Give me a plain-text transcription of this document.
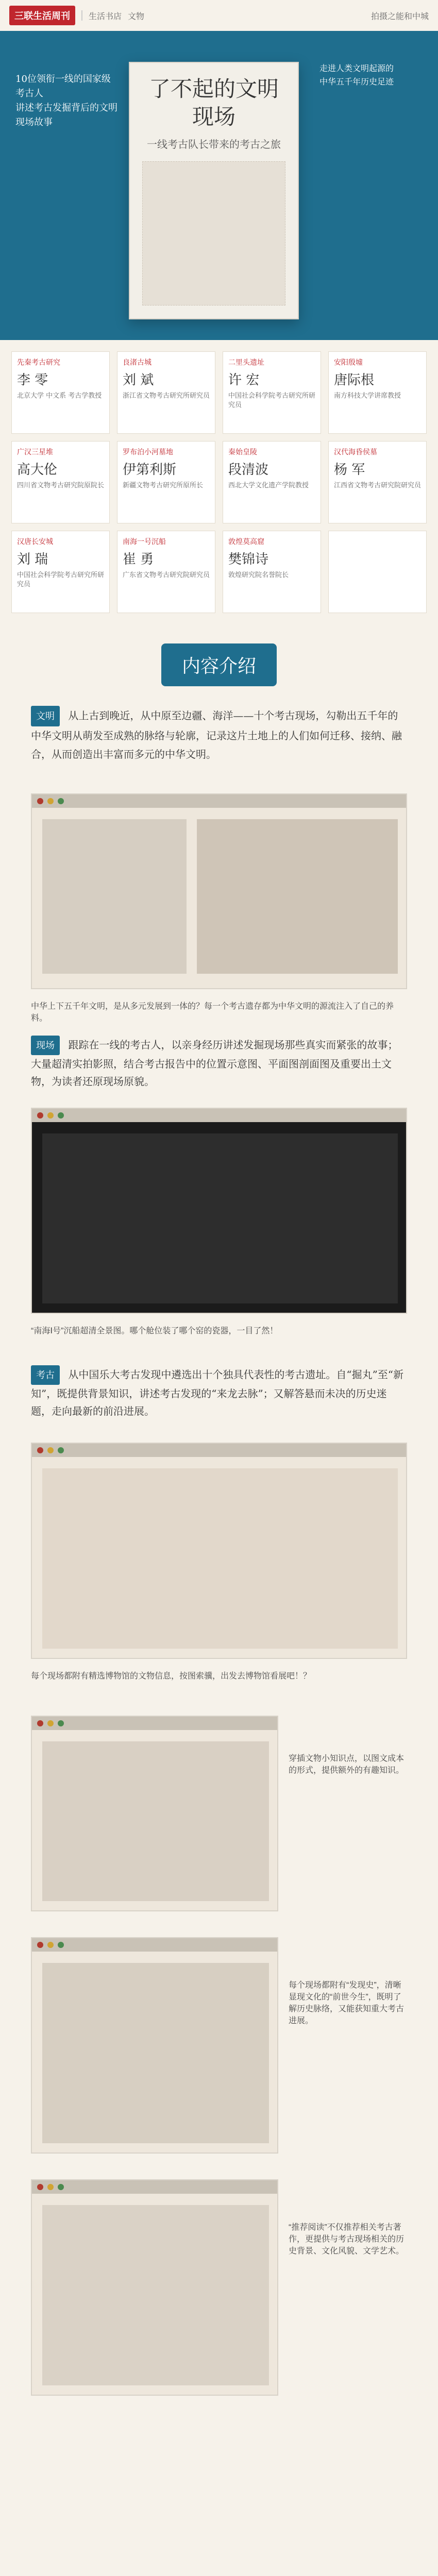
三联生活周刊	生活书店 文物	拍摄之能和中城
10位领衔一线的国家级考古人
讲述考古发掘背后的文明现场故事
了不起的文明现场
一线考古队长带来的考古之旅
走进人类文明起源的
中华五千年历史足迹
先秦考古研究
李 零
北京大学 中文系 考古学教授
良渚古城
刘 斌
浙江省文物考古研究所研究员
二里头遗址
许 宏
中国社会科学院考古研究所研究员
安阳殷墟
唐际根
南方科技大学讲席教授
广汉三星堆
高大伦
四川省文物考古研究院原院长
罗布泊小河墓地
伊第利斯
新疆文物考古研究所原所长
秦始皇陵
段清波
西北大学文化遗产学院教授
汉代海昏侯墓
杨 军
江西省文物考古研究院研究员
汉唐长安城
刘 瑞
中国社会科学院考古研究所研究员
南海一号沉船
崔 勇
广东省文物考古研究院研究员
敦煌莫高窟
樊锦诗
敦煌研究院名誉院长
内容介绍
文明 从上古到晚近，从中原至边疆、海洋——十个考古现场，勾勒出五千年的中华文明从萌发至成熟的脉络与轮廓，记录这片土地上的人们如何迁移、接纳、融合，从而创造出丰富而多元的中华文明。
中华上下五千年文明，是从多元发展到一体的？每一个考古遗存都为中华文明的源流注入了自己的养料。
现场 跟踪在一线的考古人，以亲身经历讲述发掘现场那些真实而紧张的故事；大量超清实拍影照，结合考古报告中的位置示意图、平面图剖面图及重要出土文物，为读者还原现场原貌。
“南海Ⅰ号”沉船超清全景图。哪个舱位装了哪个窑的瓷器，一目了然！
考古 从中国乐大考古发现中遴选出十个独具代表性的考古遗址。自“掘丸”至“新知”，既提供背景知识，讲述考古发现的“来龙去脉”；又解答悬而未决的历史迷题，走向最新的前沿进展。
每个现场都附有精选博物馆的文物信息，按图索骥，出发去博物馆看展吧！？
穿插文物小知识点，以图文成本的形式，提供额外的有趣知识。
每个现场都附有“发现史”，清晰显现文化的“前世今生”，既明了解历史脉络，又能获知重大考古进展。
“推荐阅读”不仅推荐相关考古著作，更提供与考古现场相关的历史背景、文化风貌、文学艺术。
